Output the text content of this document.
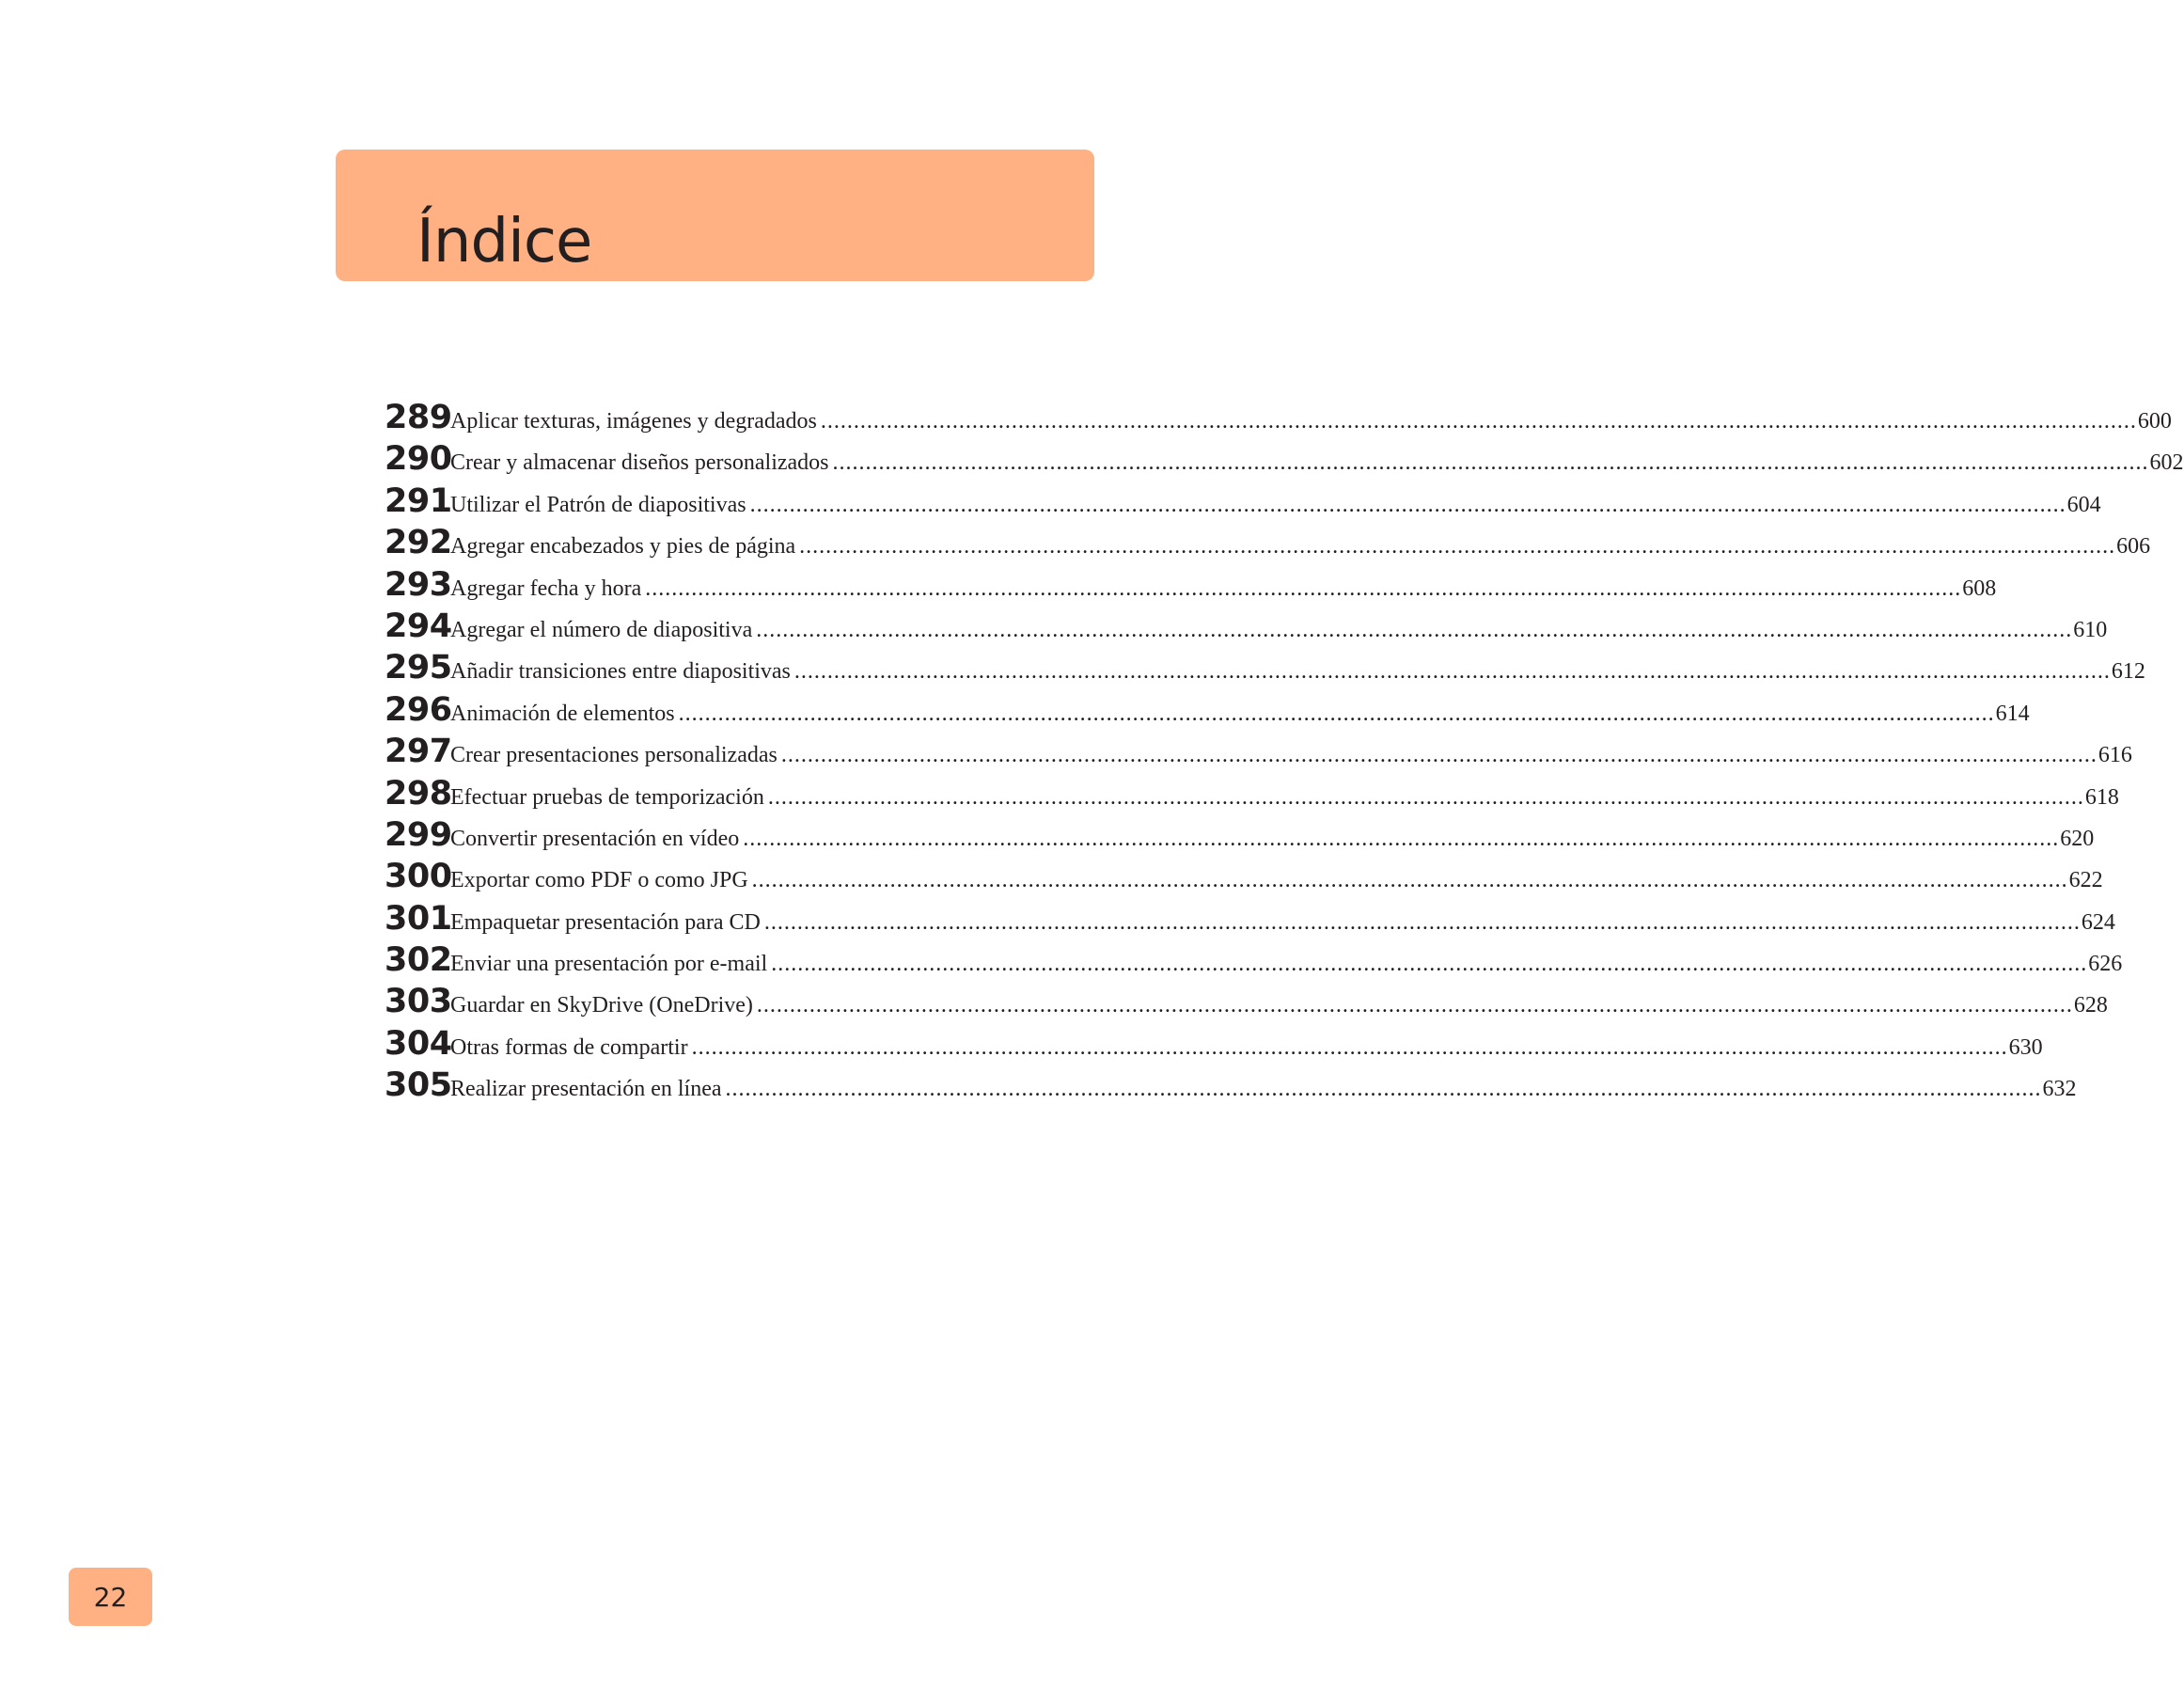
Índice
289
Aplicar texturas, imágenes y degradados ........................................................................................................................................................................................................ 600
290
Crear y almacenar diseños personalizados ........................................................................................................................................................................................................ 602
291
Utilizar el Patrón de diapositivas ........................................................................................................................................................................................................ 604
292
Agregar encabezados y pies de página ........................................................................................................................................................................................................ 606
293
Agregar fecha y hora ........................................................................................................................................................................................................ 608
294
Agregar el número de diapositiva ........................................................................................................................................................................................................ 610
295
Añadir transiciones entre diapositivas ........................................................................................................................................................................................................ 612
296
Animación de elementos ........................................................................................................................................................................................................ 614
297
Crear presentaciones personalizadas ........................................................................................................................................................................................................ 616
298
Efectuar pruebas de temporización ........................................................................................................................................................................................................ 618
299
Convertir presentación en vídeo ........................................................................................................................................................................................................ 620
300
Exportar como PDF o como JPG ........................................................................................................................................................................................................ 622
301
Empaquetar presentación para CD ........................................................................................................................................................................................................ 624
302
Enviar una presentación por e-mail ........................................................................................................................................................................................................ 626
303
Guardar en SkyDrive (OneDrive) ........................................................................................................................................................................................................ 628
304
Otras formas de compartir ........................................................................................................................................................................................................ 630
305
Realizar presentación en línea ........................................................................................................................................................................................................ 632
22
